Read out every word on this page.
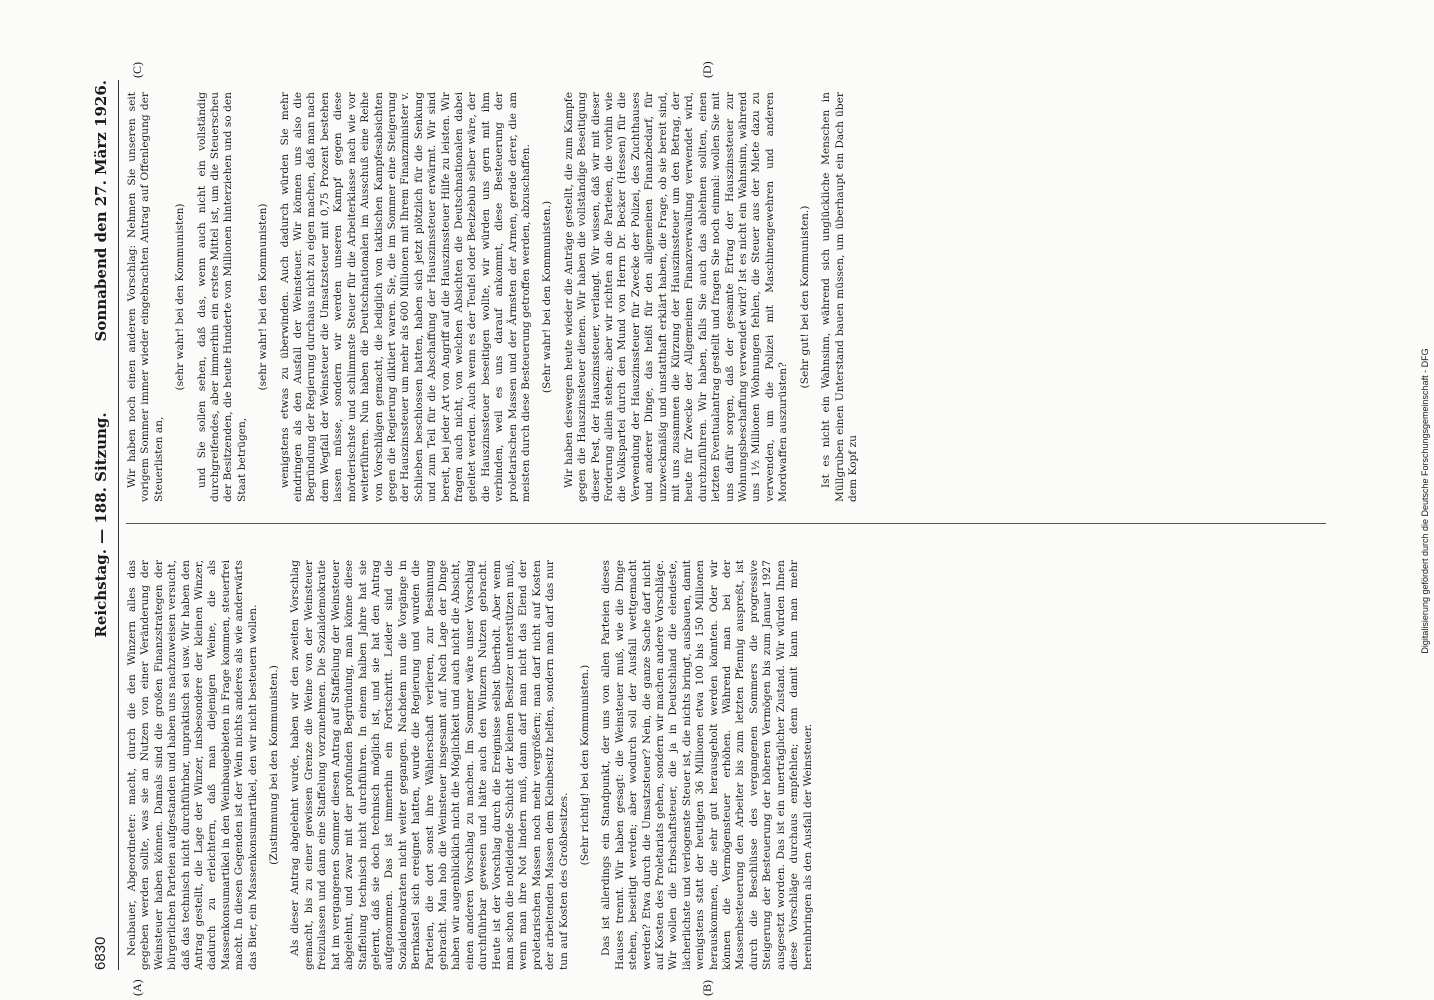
6830
Reichstag. — 188. Sitzung.
Sonnabend den 27. März 1926.
(A)	(B)
(C)	(D)

Neubauer, Abgeordneter: macht, durch die den Winzern alles das gegeben werden sollte, was sie an Nutzen von einer Veränderung der Weinsteuer haben können. Damals sind die großen Finanzstrategen der bürgerlichen Parteien aufgestanden und haben uns nachzuweisen versucht, daß das technisch nicht durchführbar, unpraktisch sei usw. Wir haben den Antrag gestellt, die Lage der Winzer, insbesondere der kleinen Winzer, dadurch zu erleichtern, daß man diejenigen Weine, die als Massenkonsumartikel in den Weinbaugebieten in Frage kommen, steuerfrei macht. In diesen Gegenden ist der Wein nichts anderes als wie anderwärts das Bier, ein Massenkonsumartikel, den wir nicht besteuern wollen. (Zustimmung bei den Kommunisten.) Als dieser Antrag abgelehnt wurde, haben wir den zweiten Vorschlag gemacht, bis zu einer gewissen Grenze die Weine von der Weinsteuer freizulassen und dann eine Staffelung vorzunehmen. Die Sozialdemokratie hat im vergangenen Sommer diesen Antrag auf Staffelung der Weinsteuer abgelehnt, und zwar mit der profunden Begründung, man könne diese Staffelung technisch nicht durchführen. In einem halben Jahre hat sie gelernt, daß sie doch technisch möglich ist, und sie hat den Antrag aufgenommen. Das ist immerhin ein Fortschritt. Leider sind die Sozialdemokraten nicht weiter gegangen. Nachdem nun die Vorgänge in Bernkastel sich ereignet hatten, wurde die Regierung und wurden die Parteien, die dort sonst ihre Wählerschaft verlieren, zur Besinnung gebracht. Man hob die Weinsteuer insgesamt auf. Nach Lage der Dinge haben wir augenblicklich nicht die Möglichkeit und auch nicht die Absicht, einen anderen Vorschlag zu machen. Im Sommer wäre unser Vorschlag durchführbar gewesen und hätte auch den Winzern Nutzen gebracht. Heute ist der Vorschlag durch die Ereignisse selbst überholt. Aber wenn man schon die notleidende Schicht der kleinen Besitzer unterstützen muß, wenn man ihre Not lindern muß, dann darf man nicht das Elend der proletarischen Massen noch mehr vergrößern; man darf nicht auf Kosten der arbeitenden Massen dem Kleinbesitz helfen, sondern man darf das nur tun auf Kosten des Großbesitzes.

(Sehr richtig! bei den Kommunisten.) Das ist allerdings ein Standpunkt, der uns von allen Parteien dieses Hauses trennt. Wir haben gesagt: die Weinsteuer muß, wie die Dinge stehen, beseitigt werden; aber wodurch soll der Ausfall wettgemacht werden? Etwa durch die Umsatzsteuer? Nein, die ganze Sache darf nicht auf Kosten des Proletariats gehen, sondern wir machen andere Vorschläge. Wir wollen die Erbschaftsteuer, die ja in Deutschland die elendeste, lächerlichste und verlogenste Steuer ist, die nichts bringt, ausbauen, damit wenigstens statt der heutigen 36 Millionen etwa 100 bis 150 Millionen herauskommen, die sehr gut herausgeholt werden könnten. Oder wir können die Vermögensteuer erhöhen. Während man bei der Massenbesteuerung den Arbeiter bis zum letzten Pfennig auspreßt, ist durch die Beschlüsse des vergangenen Sommers die progressive Steigerung der Besteuerung der höheren Vermögen bis zum Januar 1927 ausgesetzt worden. Das ist ein unerträglicher Zustand. Wir würden Ihnen diese Vorschläge durchaus empfehlen; denn damit kann man mehr hereinbringen als den Ausfall der Weinsteuer.

Wir haben noch einen anderen Vorschlag: Nehmen Sie unseren seit vorigem Sommer immer wieder eingebrachten Antrag auf Offenlegung der Steuerlisten an,

(sehr wahr! bei den Kommunisten) und Sie sollen sehen, daß das, wenn auch nicht ein vollständig durchgreifendes, aber immerhin ein erstes Mittel ist, um die Steuerscheu der Besitzenden, die heute Hunderte von Millionen hinterziehen und so den Staat betrügen,

(sehr wahr! bei den Kommunisten) wenigstens etwas zu überwinden. Auch dadurch würden Sie mehr eindringen als den Ausfall der Weinsteuer. Wir können uns also die Begründung der Regierung durchaus nicht zu eigen machen, daß man nach dem Wegfall der Weinsteuer die Umsatzsteuer mit 0,75 Prozent bestehen lassen müsse, sondern wir werden unseren Kampf gegen diese mörderischste und schlimmste Steuer für die Arbeiterklasse nach wie vor weiterführen. Nun haben die Deutschnationalen im Ausschuß eine Reihe von Vorschlägen gemacht, die lediglich von taktischen Kampfesabsichten gegen die Regierung diktiert waren. Sie, die im Sommer eine Steigerung der Hauszinssteuer um mehr als 600 Millionen mit Ihrem Finanzminister v. Schlieben beschlossen hatten, haben sich jetzt plötzlich für die Senkung und zum Teil für die Abschaffung der Hauszinssteuer erwärmt. Wir sind bereit, bei jeder Art von Angriff auf die Hauszinssteuer Hilfe zu leisten. Wir fragen auch nicht, von welchen Absichten die Deutschnationalen dabei geleitet werden. Auch wenn es der Teufel oder Beelzebub selber wäre, der die Hauszinssteuer beseitigen wollte, wir würden uns gern mit ihm verbinden, weil es uns darauf ankommt, diese Besteuerung der proletarischen Massen und der Ärmsten der Armen, gerade derer, die am meisten durch diese Besteuerung getroffen werden, abzuschaffen. (Sehr wahr! bei den Kommunisten.) Wir haben deswegen heute wieder die Anträge gestellt, die zum Kampfe gegen die Hauszinssteuer dienen. Wir haben die vollständige Beseitigung dieser Pest, der Hauszinssteuer, verlangt. Wir wissen, daß wir mit dieser Forderung allein stehen; aber wir richten an die Parteien, die vorhin wie die Volkspartei durch den Mund von Herrn Dr. Becker (Hessen) für die Verwendung der Hauszinssteuer für Zwecke der Polizei, des Zuchthauses und anderer Dinge, das heißt für den allgemeinen Finanzbedarf, für unzweckmäßig und unstatthaft erklärt haben, die Frage, ob sie bereit sind, mit uns zusammen die Kürzung der Hauszinssteuer um den Betrag, der heute für Zwecke der Allgemeinen Finanzverwaltung verwendet wird, durchzuführen. Wir haben, falls Sie auch das ablehnen sollten, einen letzten Eventualantrag gestellt und fragen Sie noch einmal: wollen Sie mit uns dafür sorgen, daß der gesamte Ertrag der Hauszinssteuer zur Wohnungsbeschaffung verwendet wird? Ist es nicht ein Wahnsinn, während uns 1½ Millionen Wohnungen fehlen, die Steuer aus der Miete dazu zu verwenden, um die Polizei mit Maschinengewehren und anderen Mordwaffen auszurüsten?

(Sehr gut! bei den Kommunisten.) Ist es nicht ein Wahnsinn, während sich unglückliche Menschen in Müllgruben einen Unterstand bauen müssen, um überhaupt ein Dach über dem Kopf zu	Digitalisierung gefördert durch die Deutsche Forschungsgemeinschaft - DFG
